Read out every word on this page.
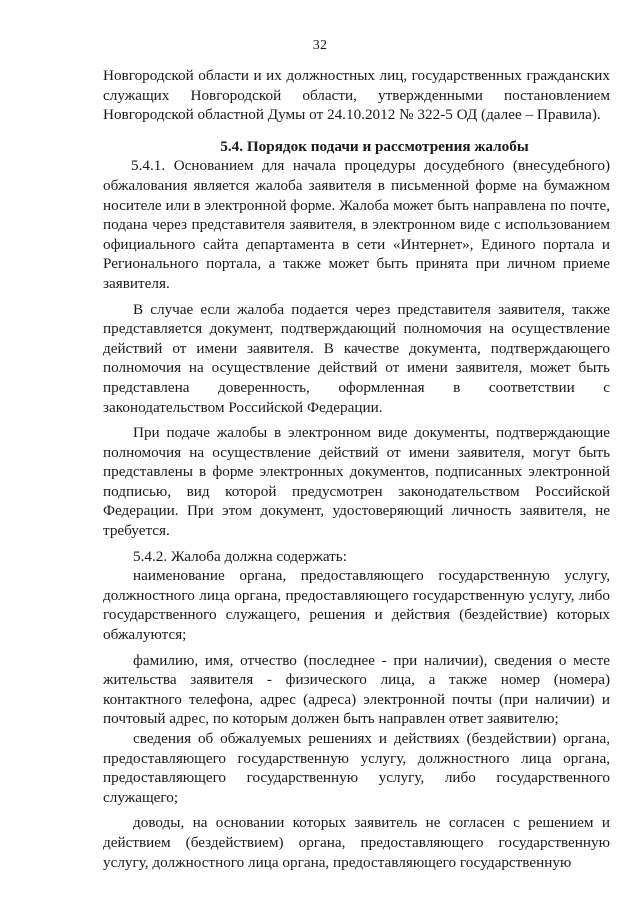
32

Новгородской области и их должностных лиц, государственных гражданских служащих Новгородской области, утвержденными постановлением Новгородской областной Думы от 24.10.2012 № 322-5 ОД (далее – Правила).

5.4. Порядок подачи и рассмотрения жалобы

5.4.1. Основанием для начала процедуры досудебного (внесудебного) обжалования является жалоба заявителя в письменной форме на бумажном носителе или в электронной форме. Жалоба может быть направлена по почте, подана через представителя заявителя, в электронном виде с использованием официального сайта департамента в сети «Интернет», Единого портала и Регионального портала, а также может быть принята при личном приеме заявителя.

В случае если жалоба подается через представителя заявителя, также представляется документ, подтверждающий полномочия на осуществление действий от имени заявителя. В качестве документа, подтверждающего полномочия на осуществление действий от имени заявителя, может быть представлена доверенность, оформленная в соответствии с законодательством Российской Федерации.

При подаче жалобы в электронном виде документы, подтверждающие полномочия на осуществление действий от имени заявителя, могут быть представлены в форме электронных документов, подписанных электронной подписью, вид которой предусмотрен законодательством Российской Федерации. При этом документ, удостоверяющий личность заявителя, не требуется.

5.4.2. Жалоба должна содержать:

наименование органа, предоставляющего государственную услугу, должностного лица органа, предоставляющего государственную услугу, либо государственного служащего, решения и действия (бездействие) которых обжалуются;

фамилию, имя, отчество (последнее - при наличии), сведения о месте жительства заявителя - физического лица, а также номер (номера) контактного телефона, адрес (адреса) электронной почты (при наличии) и почтовый адрес, по которым должен быть направлен ответ заявителю;

сведения об обжалуемых решениях и действиях (бездействии) органа, предоставляющего государственную услугу, должностного лица органа, предоставляющего государственную услугу, либо государственного служащего;

доводы, на основании которых заявитель не согласен с решением и действием (бездействием) органа, предоставляющего государственную услугу, должностного лица органа, предоставляющего государственную
